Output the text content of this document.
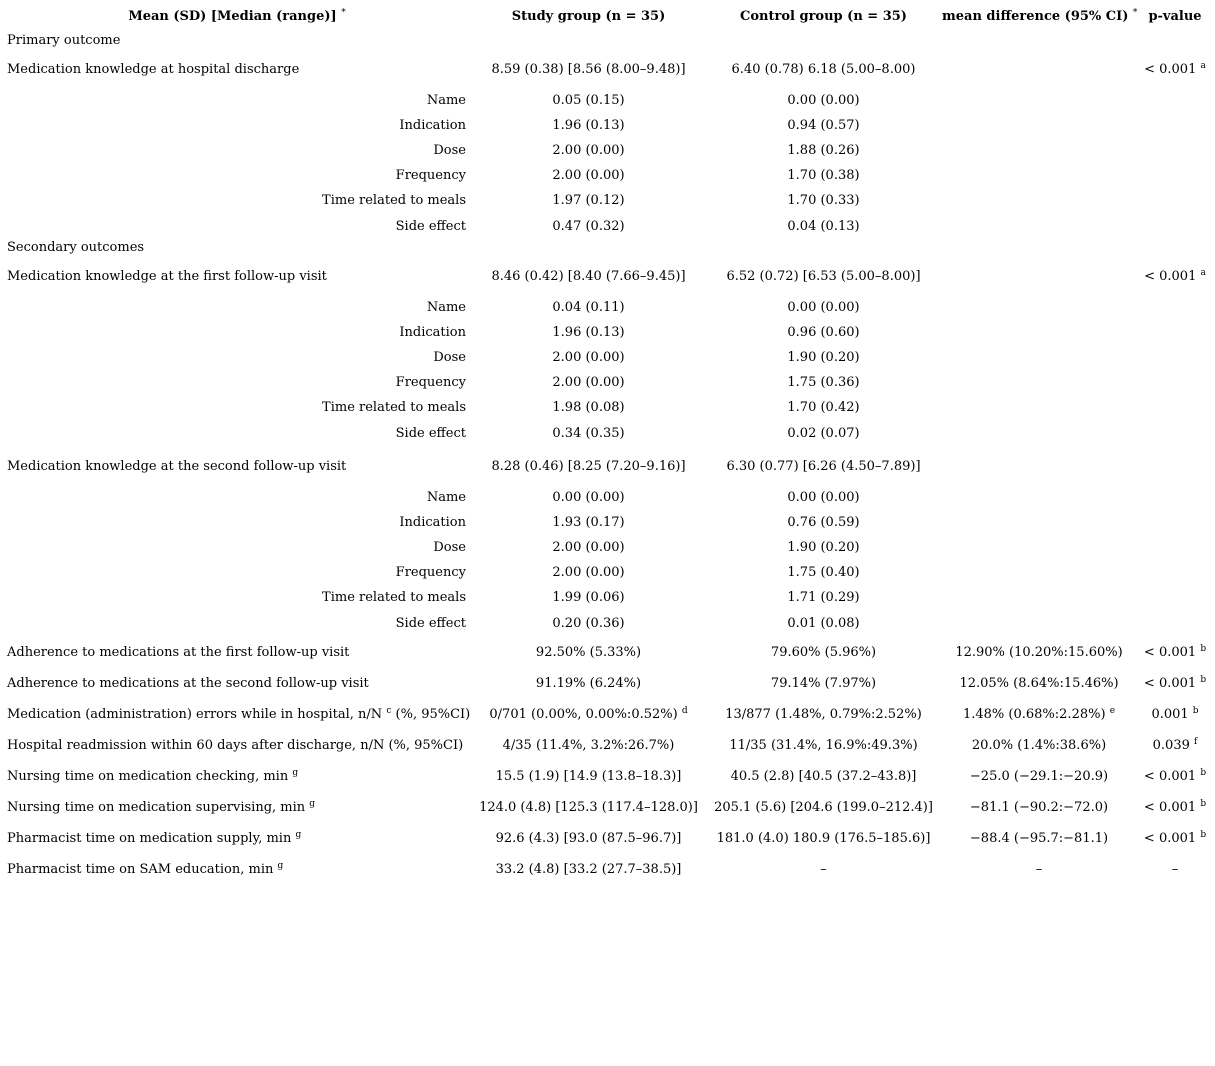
Mean (SD) [Median (range)] *	Study group (n = 35)	Control group (n = 35)	mean difference (95% CI) *	p-value
Primary outcome				
Medication knowledge at hospital discharge	8.59 (0.38) [8.56 (8.00–9.48)]	6.40 (0.78) 6.18 (5.00–8.00)		< 0.001 $^a$
Name	0.05 (0.15)	0.00 (0.00)		
Indication	1.96 (0.13)	0.94 (0.57)		
Dose	2.00 (0.00)	1.88 (0.26)		
Frequency	2.00 (0.00)	1.70 (0.38)		
Time related to meals	1.97 (0.12)	1.70 (0.33)		
Side effect	0.47 (0.32)	0.04 (0.13)		
Secondary outcomes				
Medication knowledge at the first follow-up visit	8.46 (0.42) [8.40 (7.66–9.45)]	6.52 (0.72) [6.53 (5.00–8.00)]		< 0.001 $^a$
Name	0.04 (0.11)	0.00 (0.00)		
Indication	1.96 (0.13)	0.96 (0.60)		
Dose	2.00 (0.00)	1.90 (0.20)		
Frequency	2.00 (0.00)	1.75 (0.36)		
Time related to meals	1.98 (0.08)	1.70 (0.42)		
Side effect	0.34 (0.35)	0.02 (0.07)		
Medication knowledge at the second follow-up visit	8.28 (0.46) [8.25 (7.20–9.16)]	6.30 (0.77) [6.26 (4.50–7.89)]		
Name	0.00 (0.00)	0.00 (0.00)		
Indication	1.93 (0.17)	0.76 (0.59)		
Dose	2.00 (0.00)	1.90 (0.20)		
Frequency	2.00 (0.00)	1.75 (0.40)		
Time related to meals	1.99 (0.06)	1.71 (0.29)		
Side effect	0.20 (0.36)	0.01 (0.08)		
Adherence to medications at the first follow-up visit	92.50% (5.33%)	79.60% (5.96%)	12.90% (10.20%:15.60%)	< 0.001 $^b$
Adherence to medications at the second follow-up visit	91.19% (6.24%)	79.14% (7.97%)	12.05% (8.64%:15.46%)	< 0.001 $^b$
Medication (administration) errors while in hospital, n/N $^c$ (%, 95%CI)	0/701 (0.00%, 0.00%:0.52%) $^d$	13/877 (1.48%, 0.79%:2.52%)	1.48% (0.68%:2.28%) $^e$	0.001 $^b$
Hospital readmission within 60 days after discharge, n/N (%, 95%CI)	4/35 (11.4%, 3.2%:26.7%)	11/35 (31.4%, 16.9%:49.3%)	20.0% (1.4%:38.6%)	0.039 $^f$
Nursing time on medication checking, min $^g$	15.5 (1.9) [14.9 (13.8–18.3)]	40.5 (2.8) [40.5 (37.2–43.8)]	−25.0 (−29.1:−20.9)	< 0.001 $^b$
Nursing time on medication supervising, min $^g$	124.0 (4.8) [125.3 (117.4–128.0)]	205.1 (5.6) [204.6 (199.0–212.4)]	−81.1 (−90.2:−72.0)	< 0.001 $^b$
Pharmacist time on medication supply, min $^g$	92.6 (4.3) [93.0 (87.5–96.7)]	181.0 (4.0) 180.9 (176.5–185.6)]	−88.4 (−95.7:−81.1)	< 0.001 $^b$
Pharmacist time on SAM education, min $^g$	33.2 (4.8) [33.2 (27.7–38.5)]	–	–	–
